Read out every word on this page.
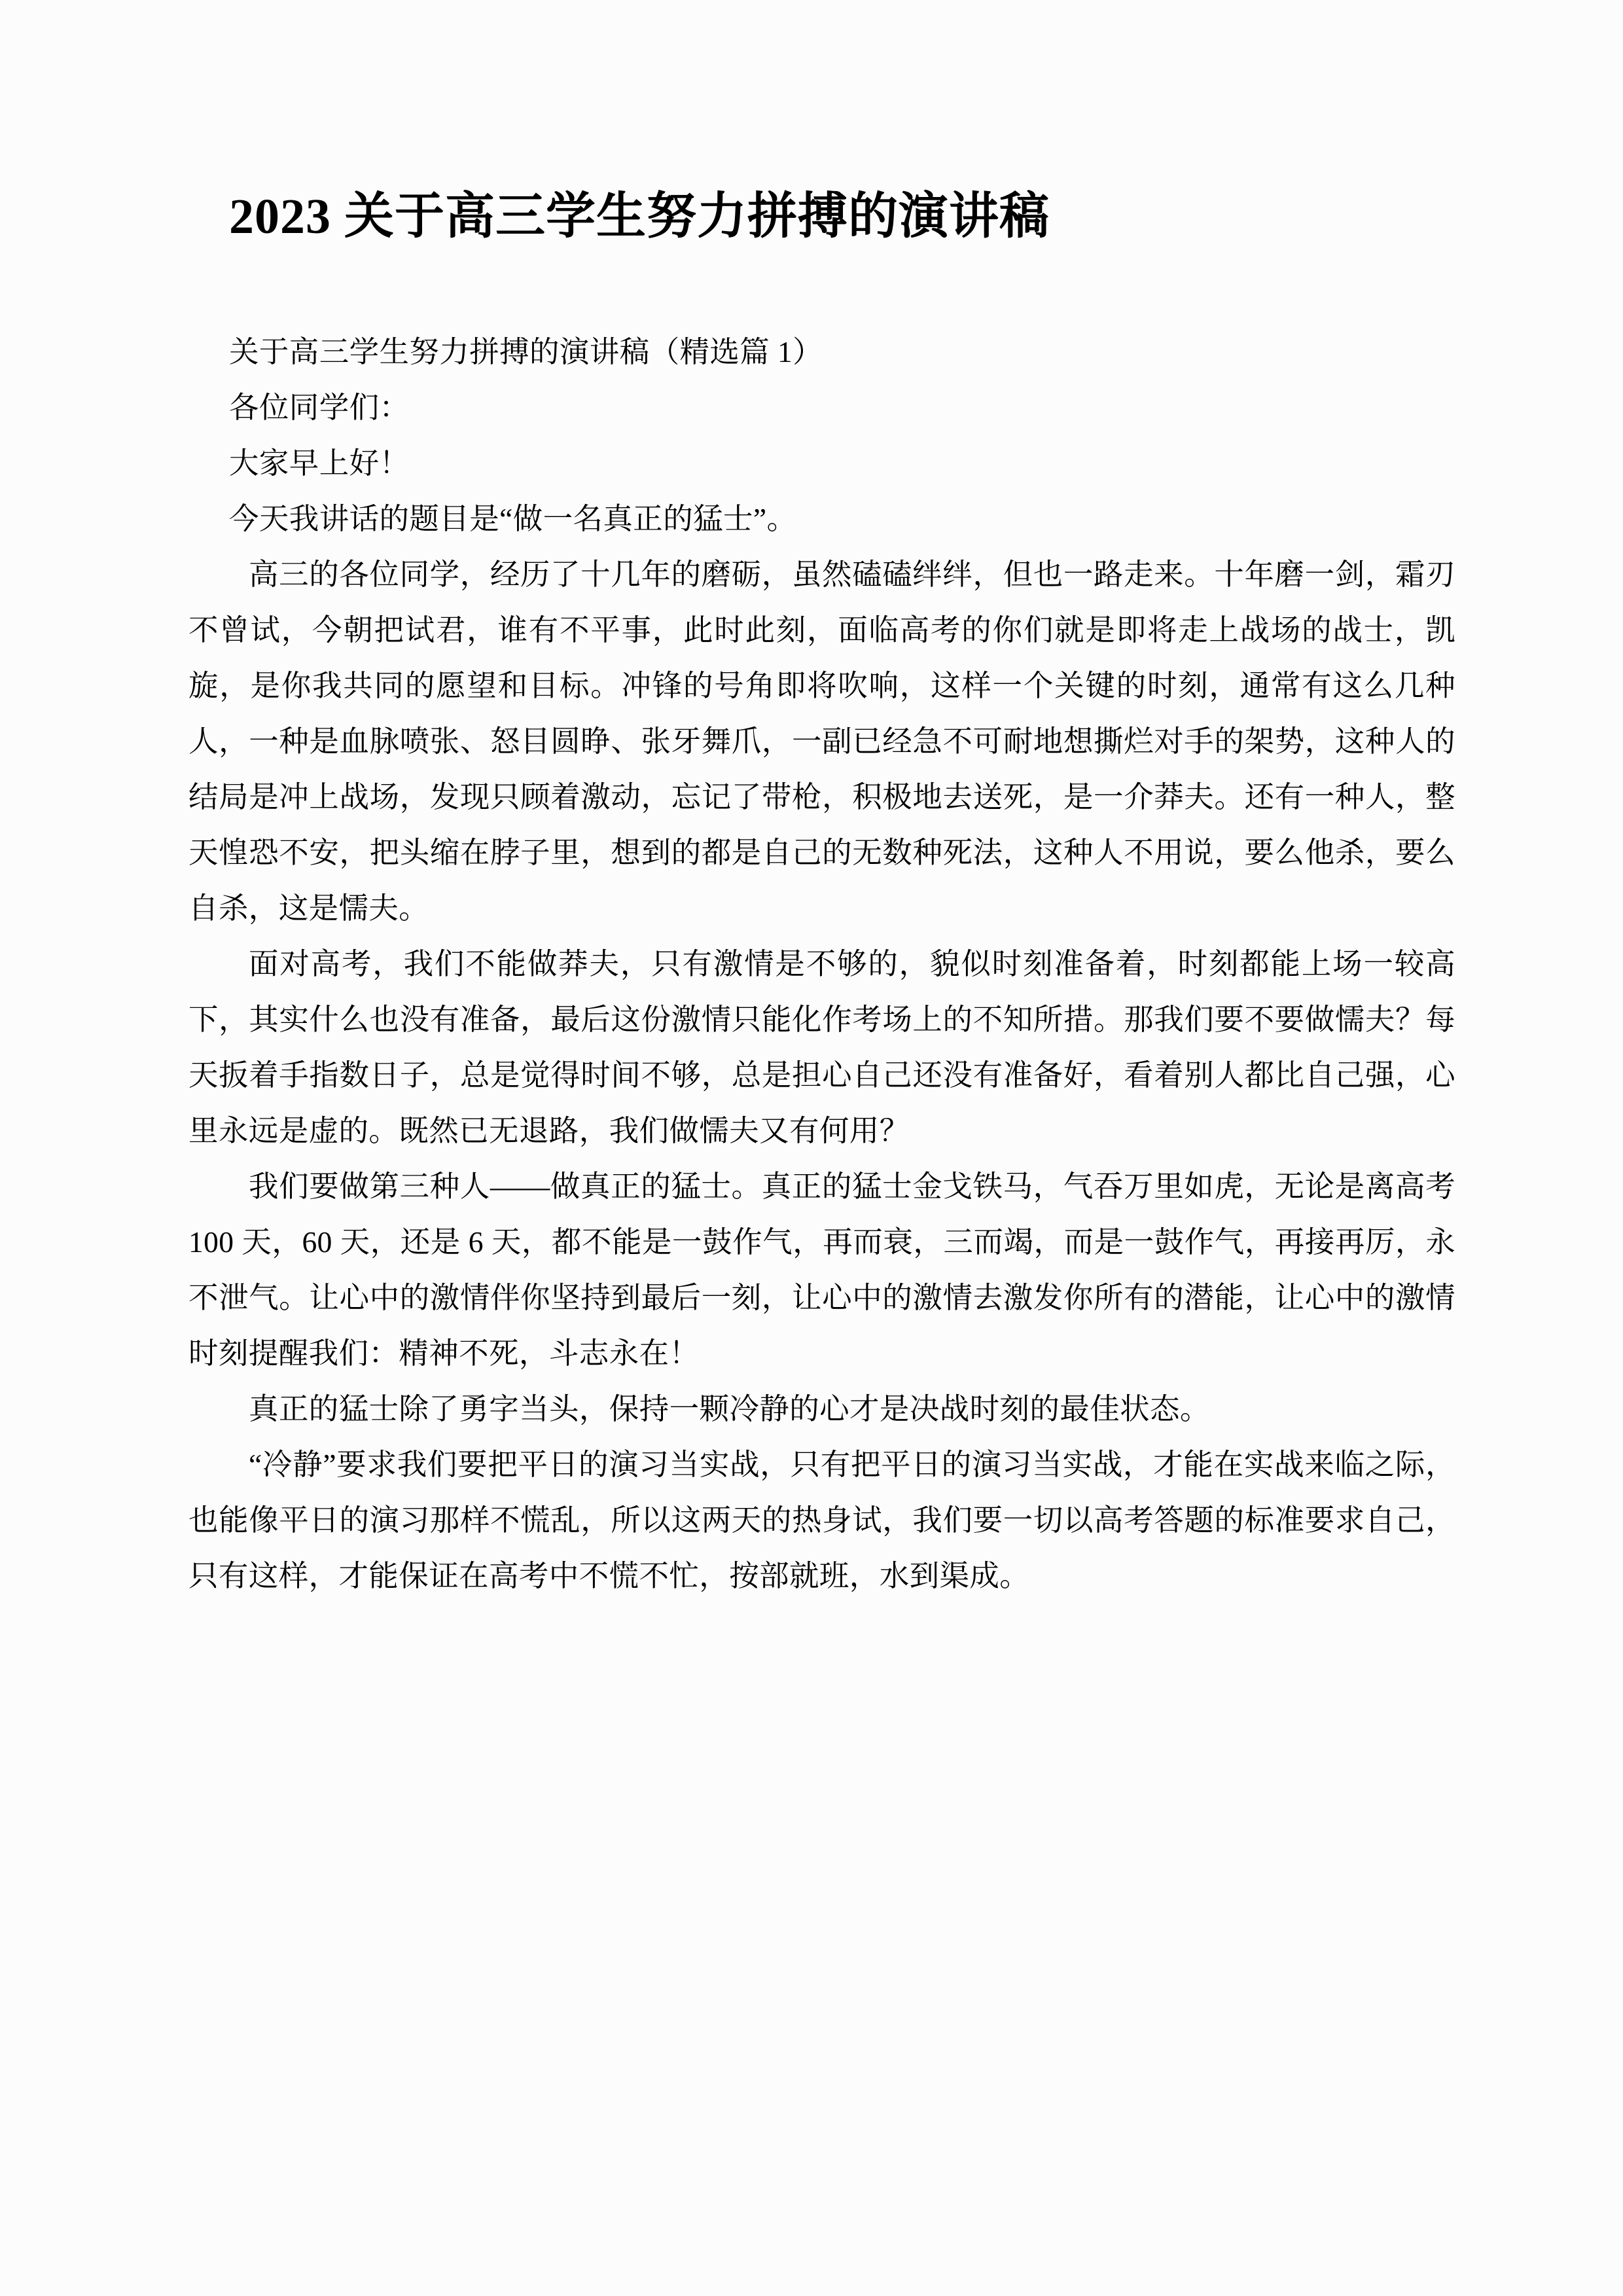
2023 关于高三学生努力拼搏的演讲稿

关于高三学生努力拼搏的演讲稿（精选篇 1）

各位同学们：

大家早上好！

今天我讲话的题目是“做一名真正的猛士”。

高三的各位同学，经历了十几年的磨砺，虽然磕磕绊绊，但也一路走来。十年磨一剑，霜刃不曾试，今朝把试君，谁有不平事，此时此刻，面临高考的你们就是即将走上战场的战士，凯旋，是你我共同的愿望和目标。冲锋的号角即将吹响，这样一个关键的时刻，通常有这么几种人，一种是血脉喷张、怒目圆睁、张牙舞爪，一副已经急不可耐地想撕烂对手的架势，这种人的结局是冲上战场，发现只顾着激动，忘记了带枪，积极地去送死，是一介莽夫。还有一种人，整天惶恐不安，把头缩在脖子里，想到的都是自己的无数种死法，这种人不用说，要么他杀，要么自杀，这是懦夫。

面对高考，我们不能做莽夫，只有激情是不够的，貌似时刻准备着，时刻都能上场一较高下，其实什么也没有准备，最后这份激情只能化作考场上的不知所措。那我们要不要做懦夫？每天扳着手指数日子，总是觉得时间不够，总是担心自己还没有准备好，看着别人都比自己强，心里永远是虚的。既然已无退路，我们做懦夫又有何用？

我们要做第三种人——做真正的猛士。真正的猛士金戈铁马，气吞万里如虎，无论是离高考 100 天，60 天，还是 6 天，都不能是一鼓作气，再而衰，三而竭，而是一鼓作气，再接再厉，永不泄气。让心中的激情伴你坚持到最后一刻，让心中的激情去激发你所有的潜能，让心中的激情时刻提醒我们：精神不死，斗志永在！

真正的猛士除了勇字当头，保持一颗冷静的心才是决战时刻的最佳状态。

“冷静”要求我们要把平日的演习当实战，只有把平日的演习当实战，才能在实战来临之际，也能像平日的演习那样不慌乱，所以这两天的热身试，我们要一切以高考答题的标准要求自己，只有这样，才能保证在高考中不慌不忙，按部就班，水到渠成。
